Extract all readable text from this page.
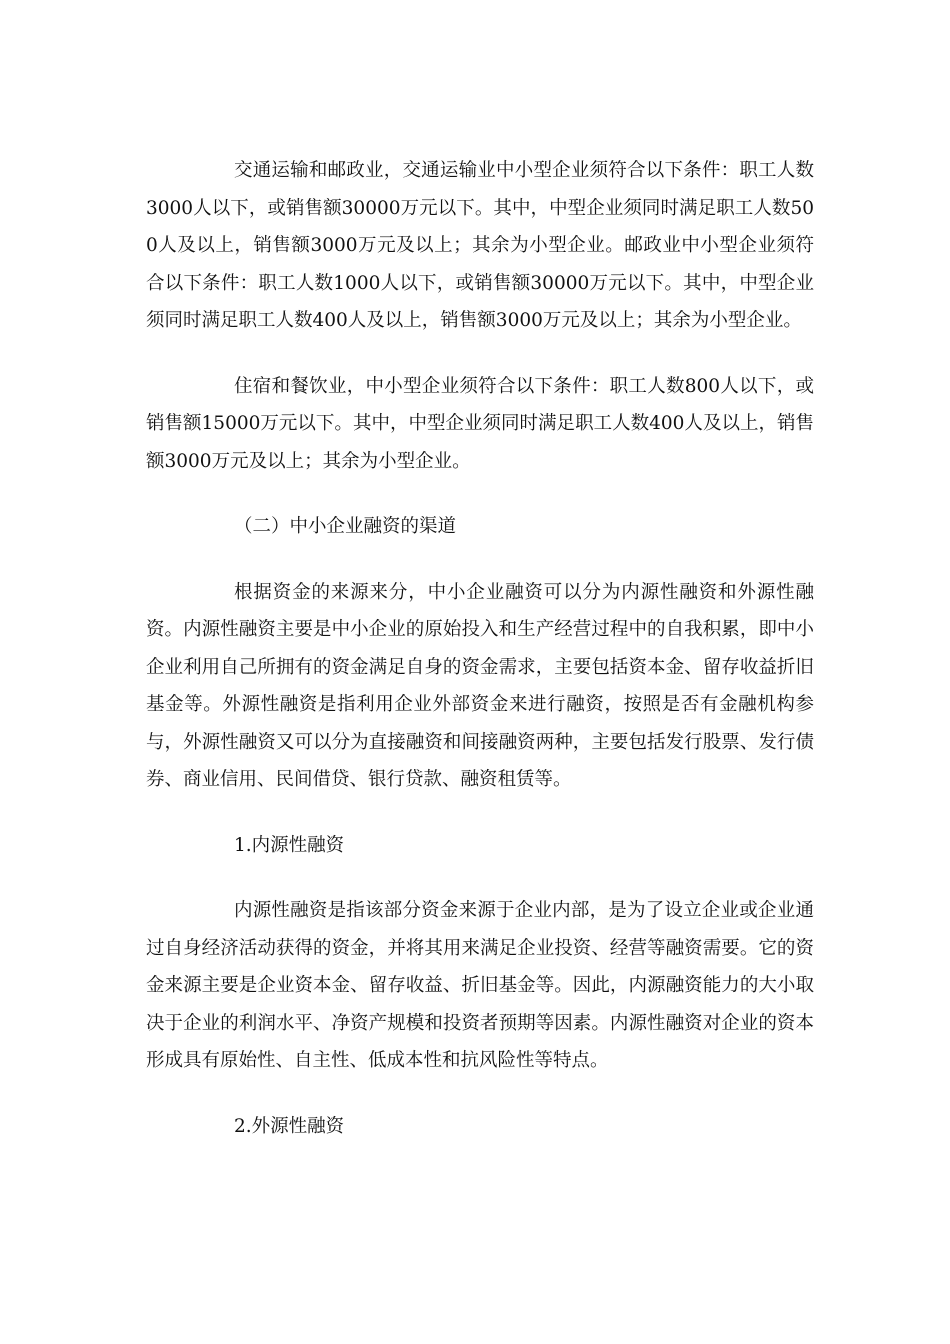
交通运输和邮政业，交通运输业中小型企业须符合以下条件：职工人数3000人以下，或销售额30000万元以下。其中，中型企业须同时满足职工人数500人及以上，销售额3000万元及以上；其余为小型企业。邮政业中小型企业须符合以下条件：职工人数1000人以下，或销售额30000万元以下。其中，中型企业须同时满足职工人数400人及以上，销售额3000万元及以上；其余为小型企业。

住宿和餐饮业，中小型企业须符合以下条件：职工人数800人以下，或销售额15000万元以下。其中，中型企业须同时满足职工人数400人及以上，销售额3000万元及以上；其余为小型企业。

（二）中小企业融资的渠道

根据资金的来源来分，中小企业融资可以分为内源性融资和外源性融资。内源性融资主要是中小企业的原始投入和生产经营过程中的自我积累，即中小企业利用自己所拥有的资金满足自身的资金需求，主要包括资本金、留存收益折旧基金等。外源性融资是指利用企业外部资金来进行融资，按照是否有金融机构参与，外源性融资又可以分为直接融资和间接融资两种，主要包括发行股票、发行债券、商业信用、民间借贷、银行贷款、融资租赁等。

1.内源性融资

内源性融资是指该部分资金来源于企业内部，是为了设立企业或企业通过自身经济活动获得的资金，并将其用来满足企业投资、经营等融资需要。它的资金来源主要是企业资本金、留存收益、折旧基金等。因此，内源融资能力的大小取决于企业的利润水平、净资产规模和投资者预期等因素。内源性融资对企业的资本形成具有原始性、自主性、低成本性和抗风险性等特点。

2.外源性融资
